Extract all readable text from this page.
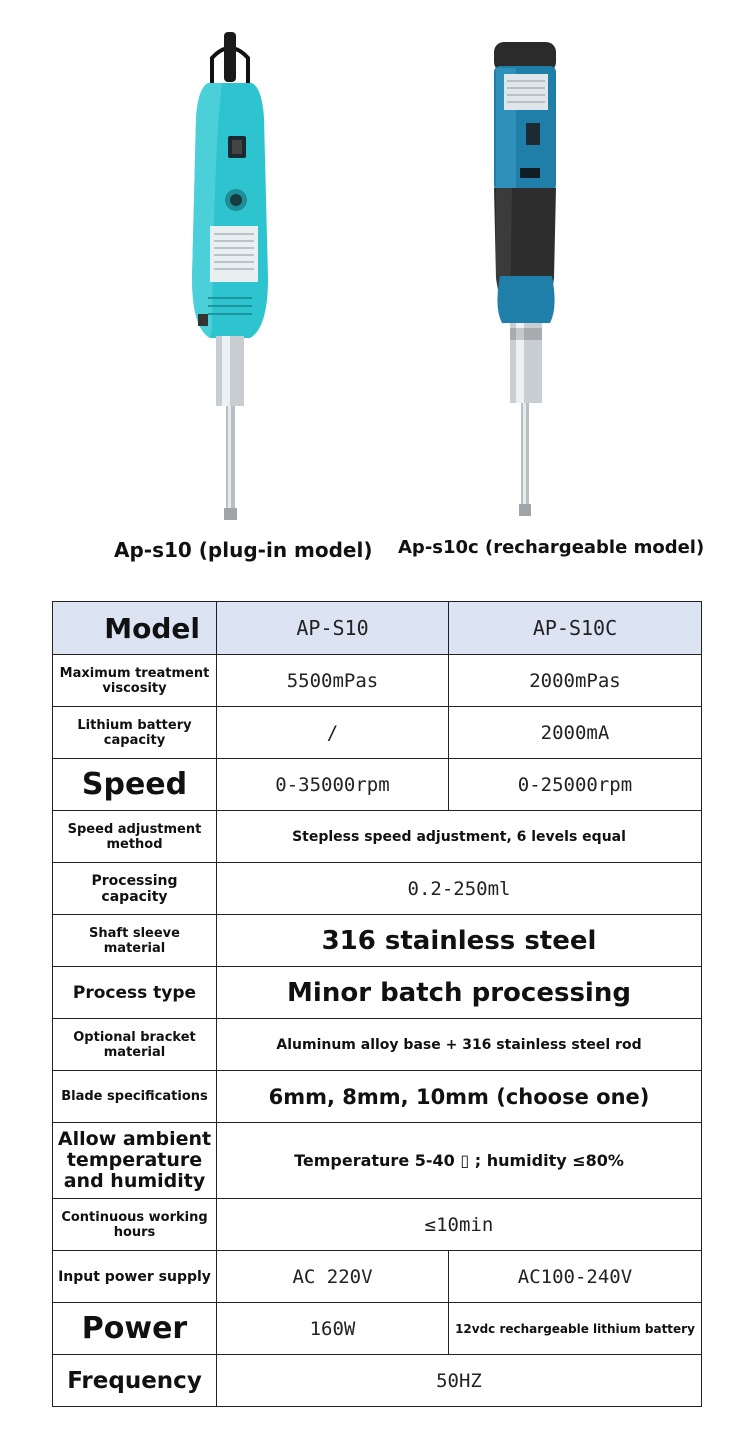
Ap-s10 (plug-in model) Ap-s10c (rechargeable model)
Model	AP-S10	AP-S10C
Maximum treatment viscosity	5500mPas	2000mPas
Lithium battery capacity	/	2000mA
Speed	0-35000rpm	0-25000rpm
Speed adjustment method	Stepless speed adjustment, 6 levels equal	
Processing capacity	0.2-250ml	
Shaft sleeve material	316 stainless steel	
Process type	Minor batch processing	
Optional bracket material	Aluminum alloy base + 316 stainless steel rod	
Blade specifications	6mm, 8mm, 10mm (choose one)	
Allow ambient temperature and humidity	Temperature 5-40 ▯ ; humidity ≤80%	
Continuous working hours	≤10min	
Input power supply	AC 220V	AC100-240V
Power	160W	12vdc rechargeable lithium battery
Frequency	50HZ	
